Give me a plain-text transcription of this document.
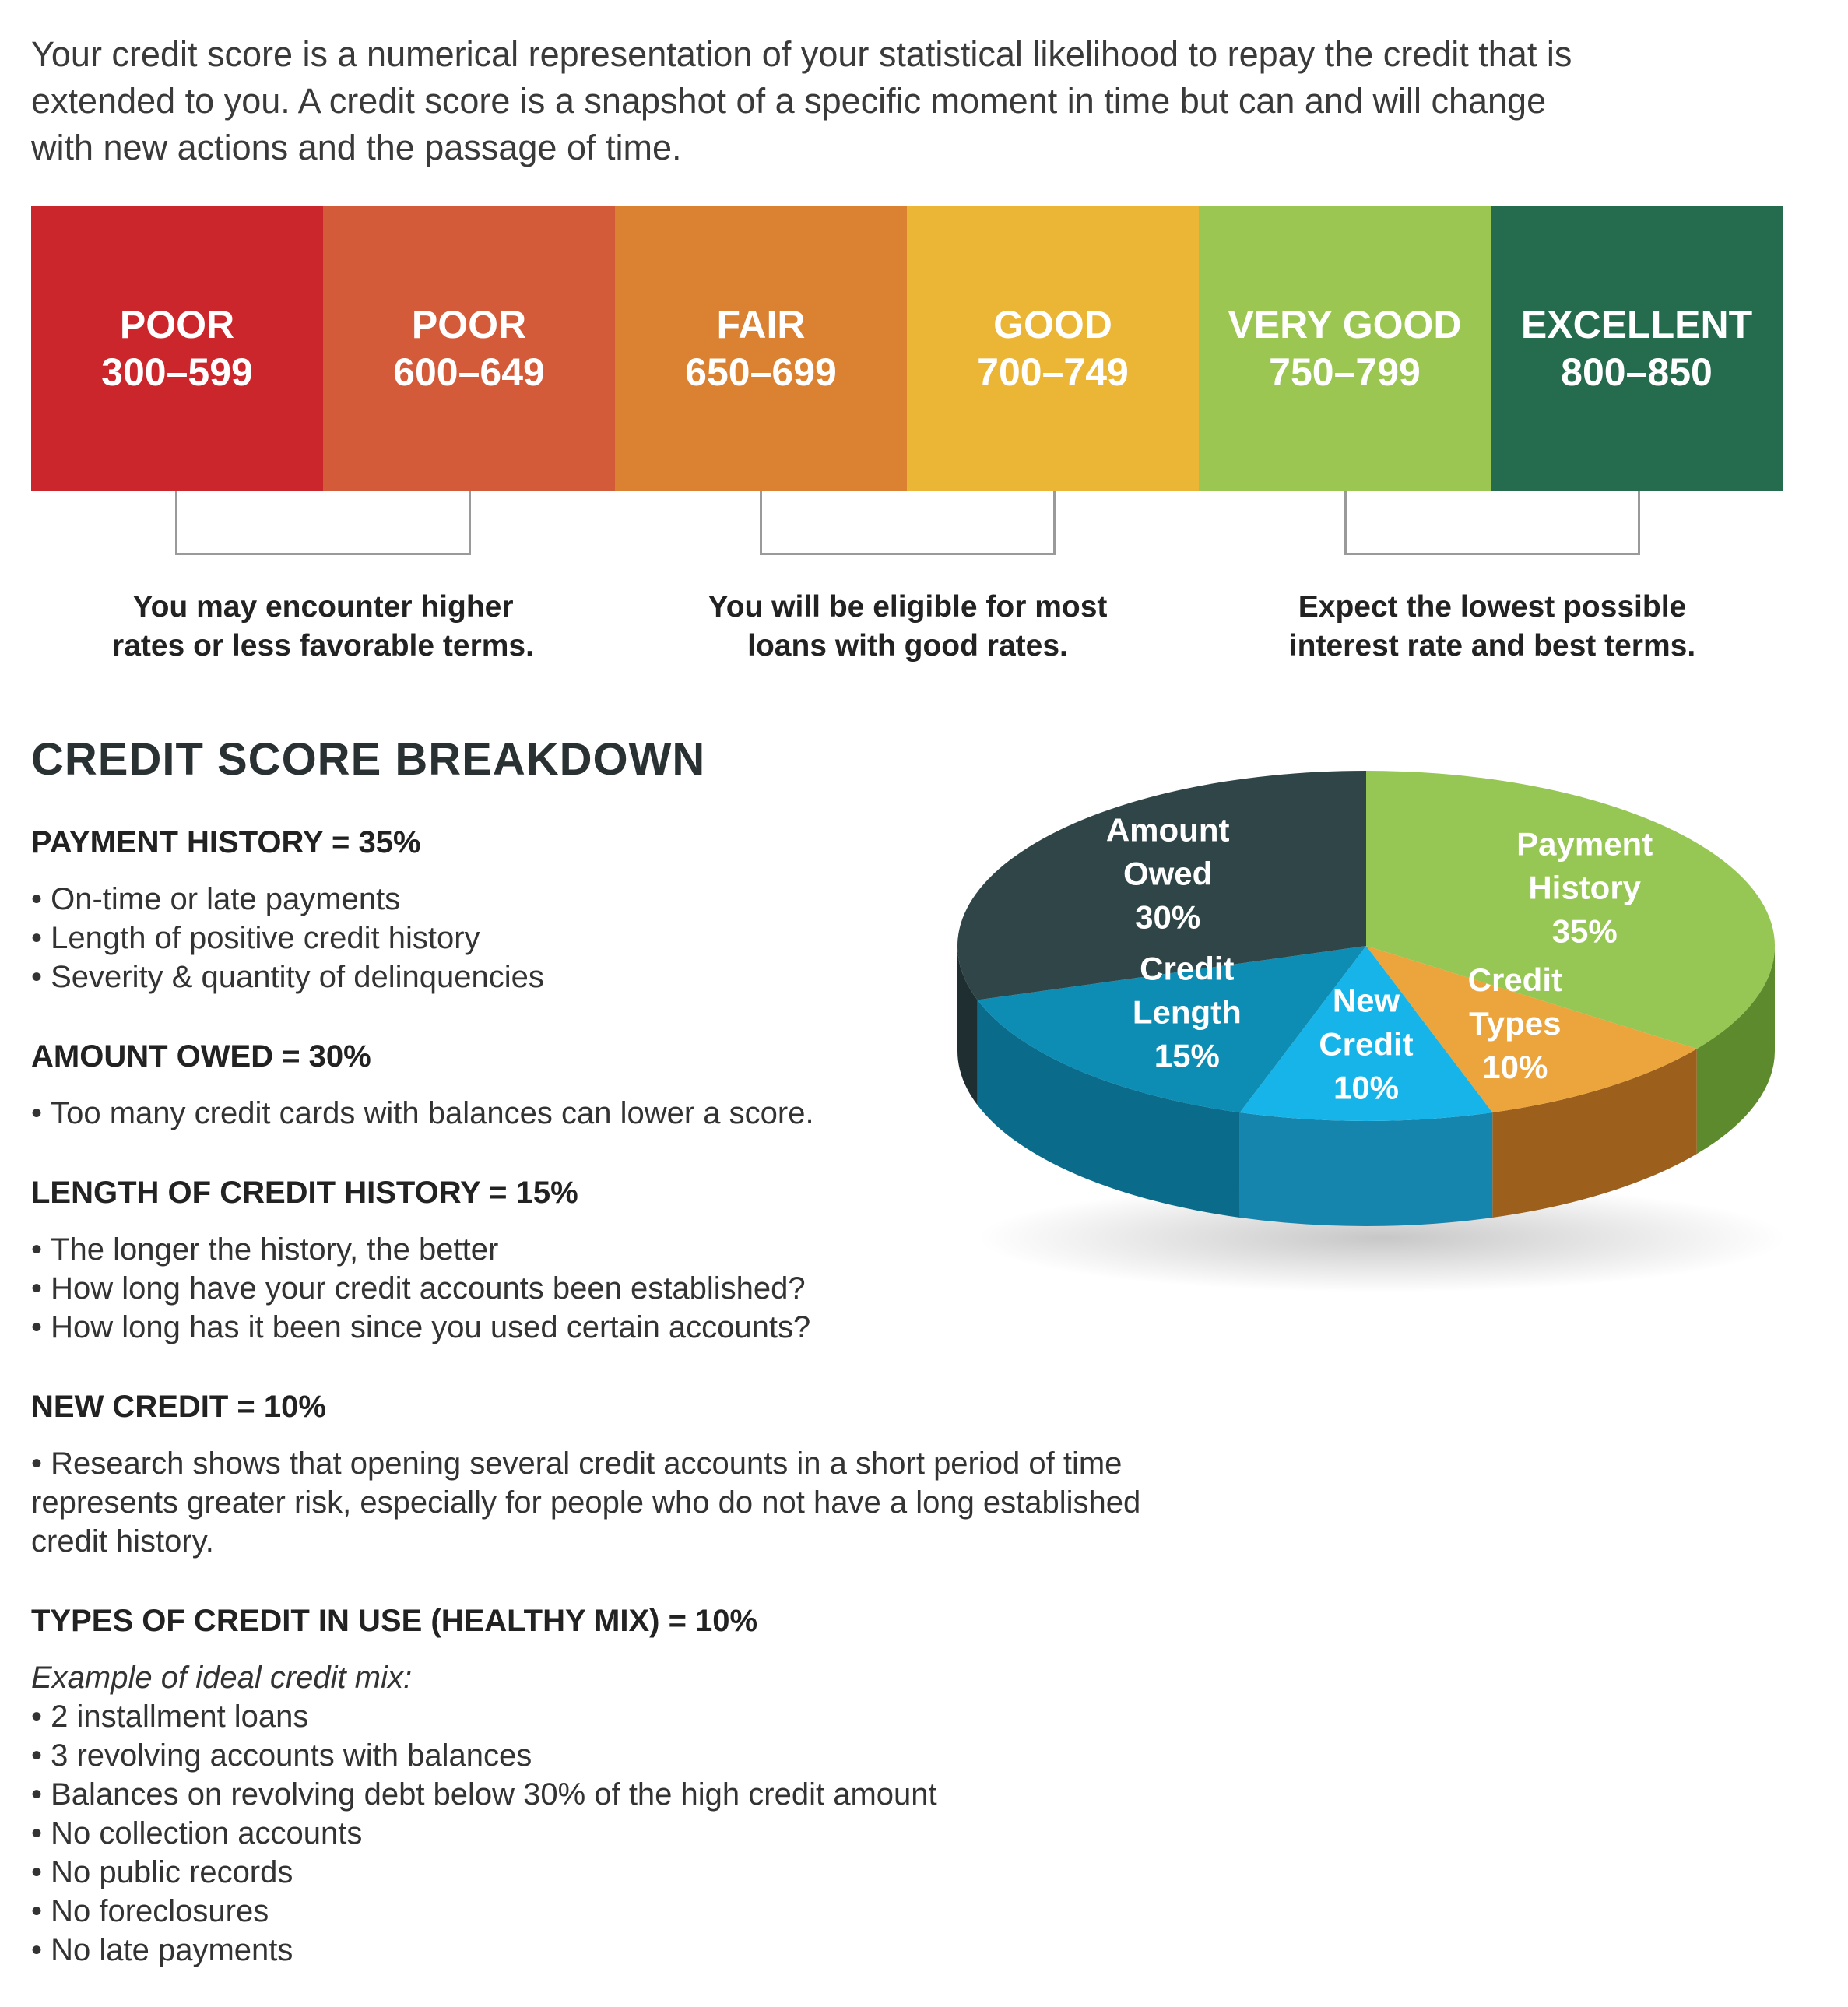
Your credit score is a numerical representation of your statistical likelihood to repay the credit that is
extended to you. A credit score is a snapshot of a specific moment in time but can and will change
with new actions and the passage of time.

POOR
300–599
POOR
600–649
FAIR
650–699
GOOD
700–749
VERY GOOD
750–799
EXCELLENT
800–850
You may encounter higher
rates or less favorable terms.
You will be eligible for most
loans with good rates.
Expect the lowest possible
interest rate and best terms.
CREDIT SCORE BREAKDOWN
PAYMENT HISTORY = 35%
• On-time or late payments
• Length of positive credit history
• Severity & quantity of delinquencies
AMOUNT OWED = 30%
• Too many credit cards with balances can lower a score.
LENGTH OF CREDIT HISTORY = 15%
• The longer the history, the better
• How long have your credit accounts been established?
• How long has it been since you used certain accounts?
NEW CREDIT = 10%

• Research shows that opening several credit accounts in a short period of time
represents greater risk, especially for people who do not have a long established
credit history.

TYPES OF CREDIT IN USE (HEALTHY MIX) = 10%

Example of ideal credit mix:

• 2 installment loans
• 3 revolving accounts with balances
• Balances on revolving debt below 30% of the high credit amount
• No collection accounts
• No public records
• No foreclosures
• No late payments
Payment
History
35%
Credit
Types
10%
New
Credit
10%
Credit
Length
15%
Amount
Owed
30%
